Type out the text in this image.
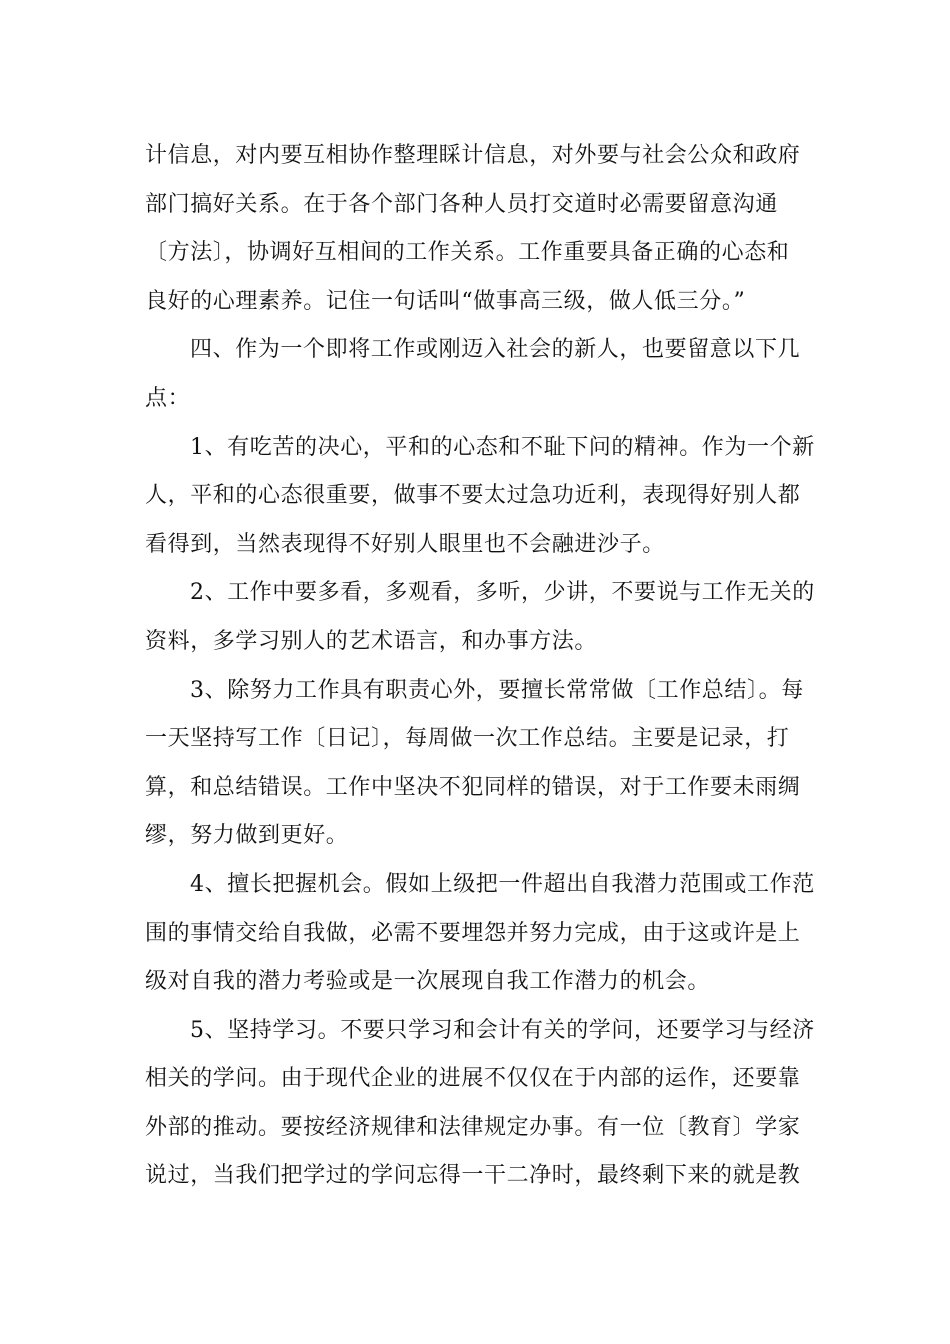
计信息，对内要互相协作整理睬计信息，对外要与社会公众和政府
部门搞好关系。在于各个部门各种人员打交道时必需要留意沟通
〔方法〕，协调好互相间的工作关系。工作重要具备正确的心态和
良好的心理素养。记住一句话叫“做事高三级，做人低三分。”
四、作为一个即将工作或刚迈入社会的新人，也要留意以下几
点：
1、有吃苦的决心，平和的心态和不耻下问的精神。作为一个新
人，平和的心态很重要，做事不要太过急功近利，表现得好别人都
看得到，当然表现得不好别人眼里也不会融进沙子。
2、工作中要多看，多观看，多听，少讲，不要说与工作无关的
资料，多学习别人的艺术语言，和办事方法。
3、除努力工作具有职责心外，要擅长常常做〔工作总结〕。每
一天坚持写工作〔日记〕，每周做一次工作总结。主要是记录，打
算，和总结错误。工作中坚决不犯同样的错误，对于工作要未雨绸
缪，努力做到更好。
4、擅长把握机会。假如上级把一件超出自我潜力范围或工作范
围的事情交给自我做，必需不要埋怨并努力完成，由于这或许是上
级对自我的潜力考验或是一次展现自我工作潜力的机会。
5、坚持学习。不要只学习和会计有关的学问，还要学习与经济
相关的学问。由于现代企业的进展不仅仅在于内部的运作，还要靠
外部的推动。要按经济规律和法律规定办事。有一位〔教育〕学家
说过，当我们把学过的学问忘得一干二净时，最终剩下来的就是教
